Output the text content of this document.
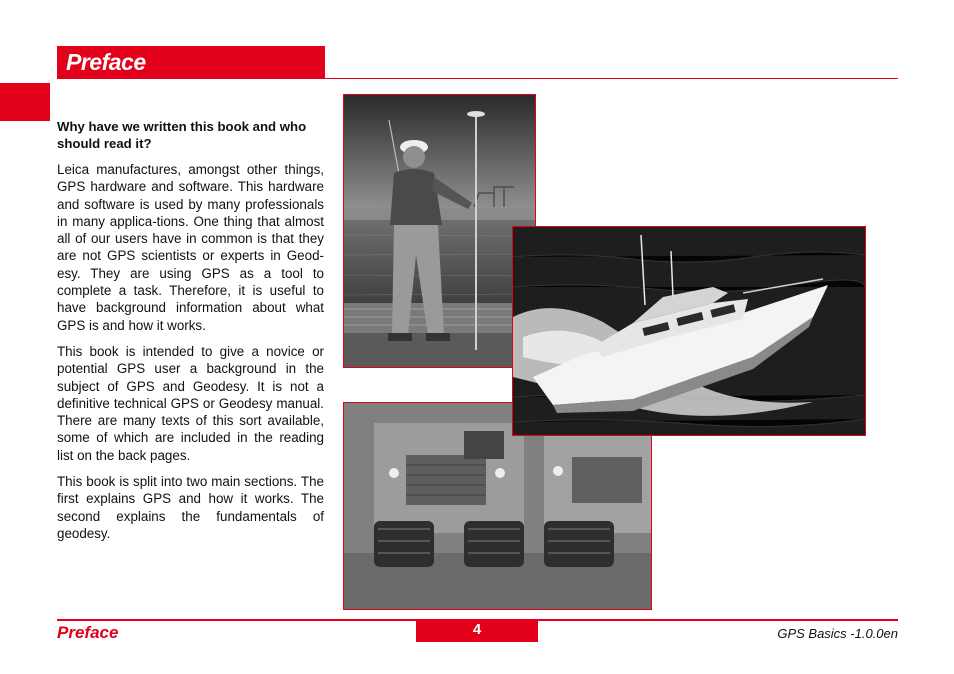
Preface
Why have we written this book and who should read it?

Leica manufactures, amongst other things, GPS hardware and software. This hardware and software is used by many professionals in many applica-tions. One thing that almost all of our users have in common is that they are not GPS scientists or experts in Geod-esy. They are using GPS as a tool to complete a task. Therefore, it is useful to have background information about what GPS is and how it works.

This book is intended to give a novice or potential GPS user a background in the subject of GPS and Geodesy. It is not a definitive technical GPS or Geodesy manual. There are many texts of this sort available, some of which are included in the reading list on the back pages.

This book is split into two main sections. The first explains GPS and how it works. The second explains the fundamentals of geodesy.

Preface	4	GPS Basics -1.0.0en
